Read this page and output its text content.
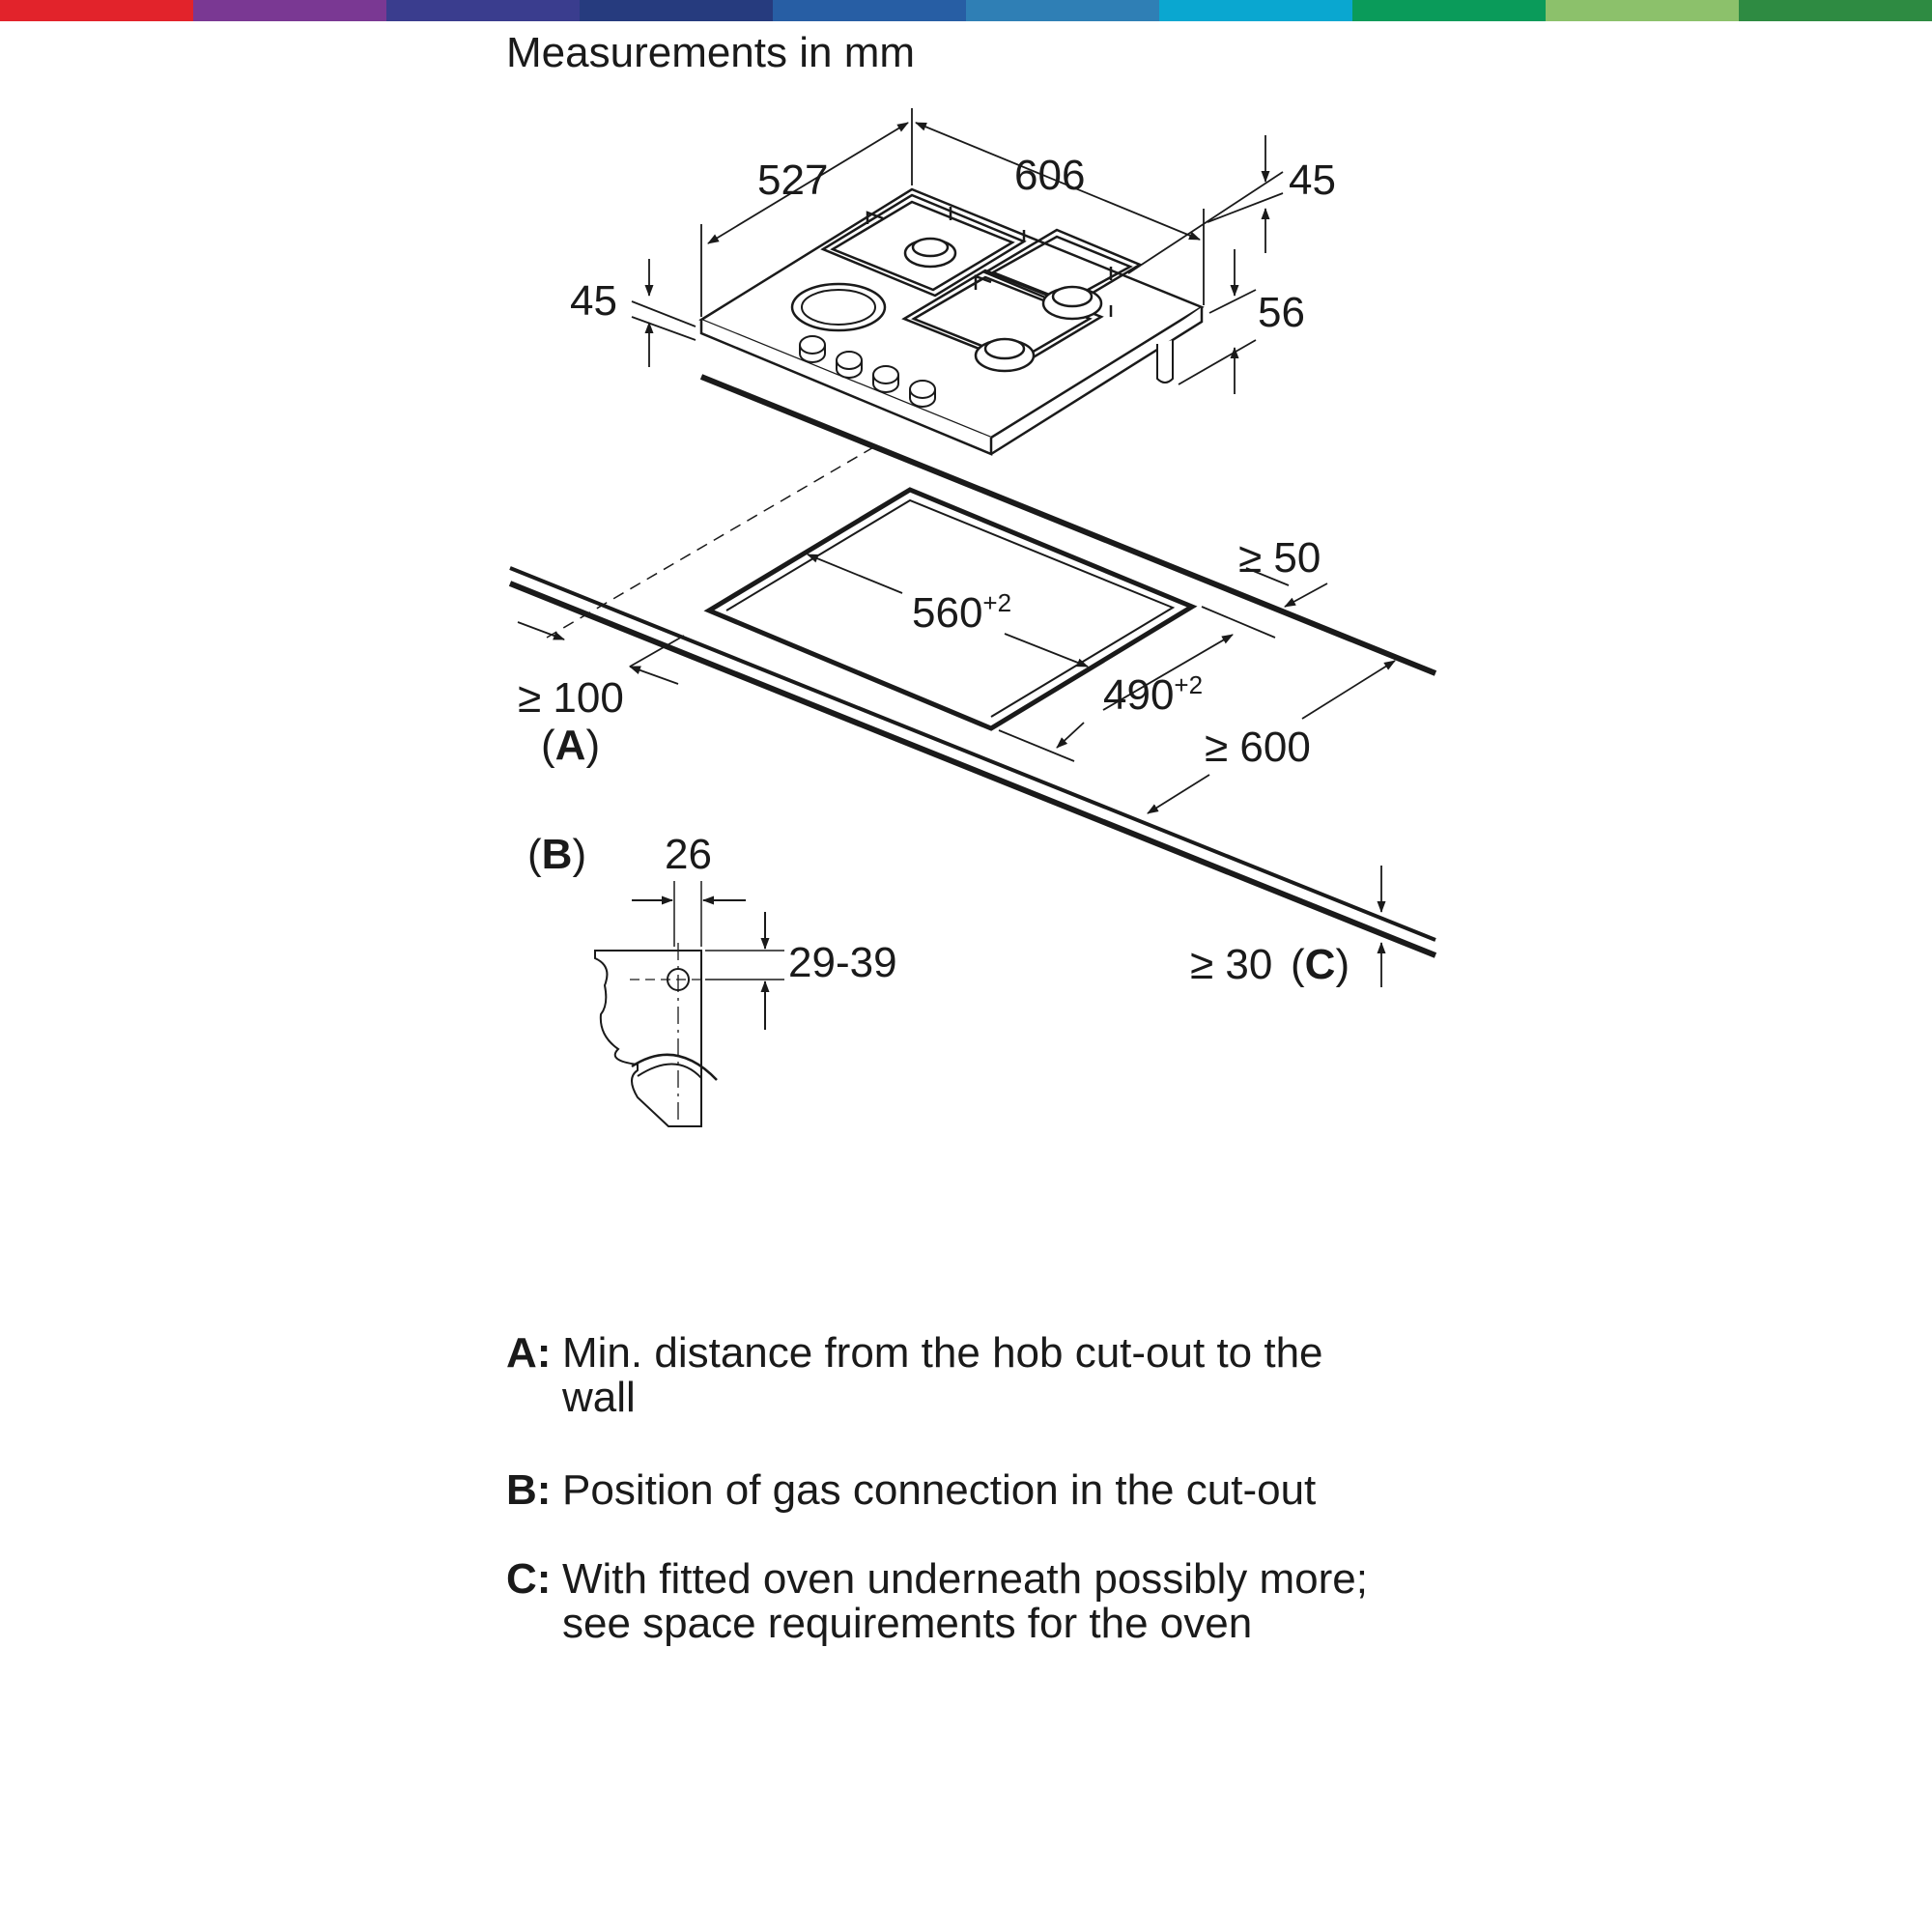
Measurements in mm
527	606	45
45	56
560+2
490+2
≥ 50
≥ 600
≥ 100
≥ 30
(A)
(B)
(C)
26
29-39
A: Min. distance from the hob cut-out to the wall
B: Position of gas connection in the cut-out
C: With fitted oven underneath possibly more; see space requirements for the oven
